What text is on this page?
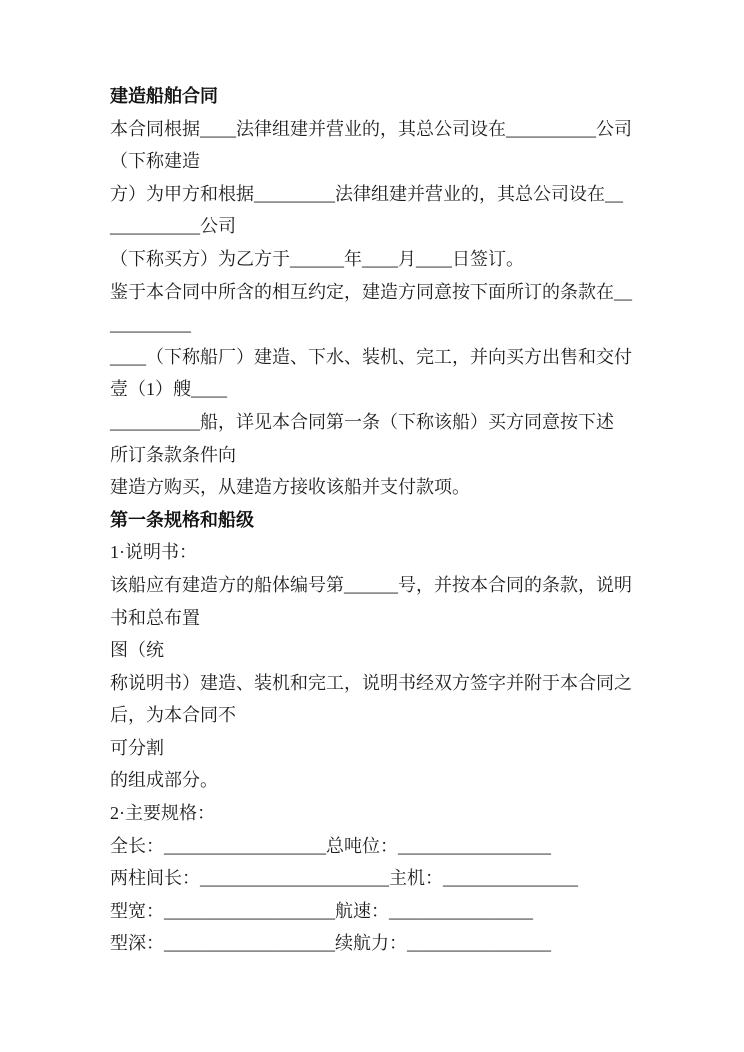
建造船舶合同

本合同根据____法律组建并营业的，其总公司设在__________公司

（下称建造

方）为甲方和根据_________法律组建并营业的，其总公司设在__

__________公司

（下称买方）为乙方于______年____月____日签订。

鉴于本合同中所含的相互约定，建造方同意按下面所订的条款在__

_________

____（下称船厂）建造、下水、装机、完工，并向买方出售和交付

壹（1）艘____

__________船，详见本合同第一条（下称该船）买方同意按下述

所订条款条件向

建造方购买，从建造方接收该船并支付款项。

第一条规格和船级

1·说明书：

该船应有建造方的船体编号第______号，并按本合同的条款，说明

书和总布置

图（统

称说明书）建造、装机和完工，说明书经双方签字并附于本合同之

后，为本合同不

可分割

的组成部分。

2·主要规格：

全长：__________________总吨位：_________________

两柱间长：_____________________主机：_______________

型宽：___________________航速：________________

型深：___________________续航力：________________
